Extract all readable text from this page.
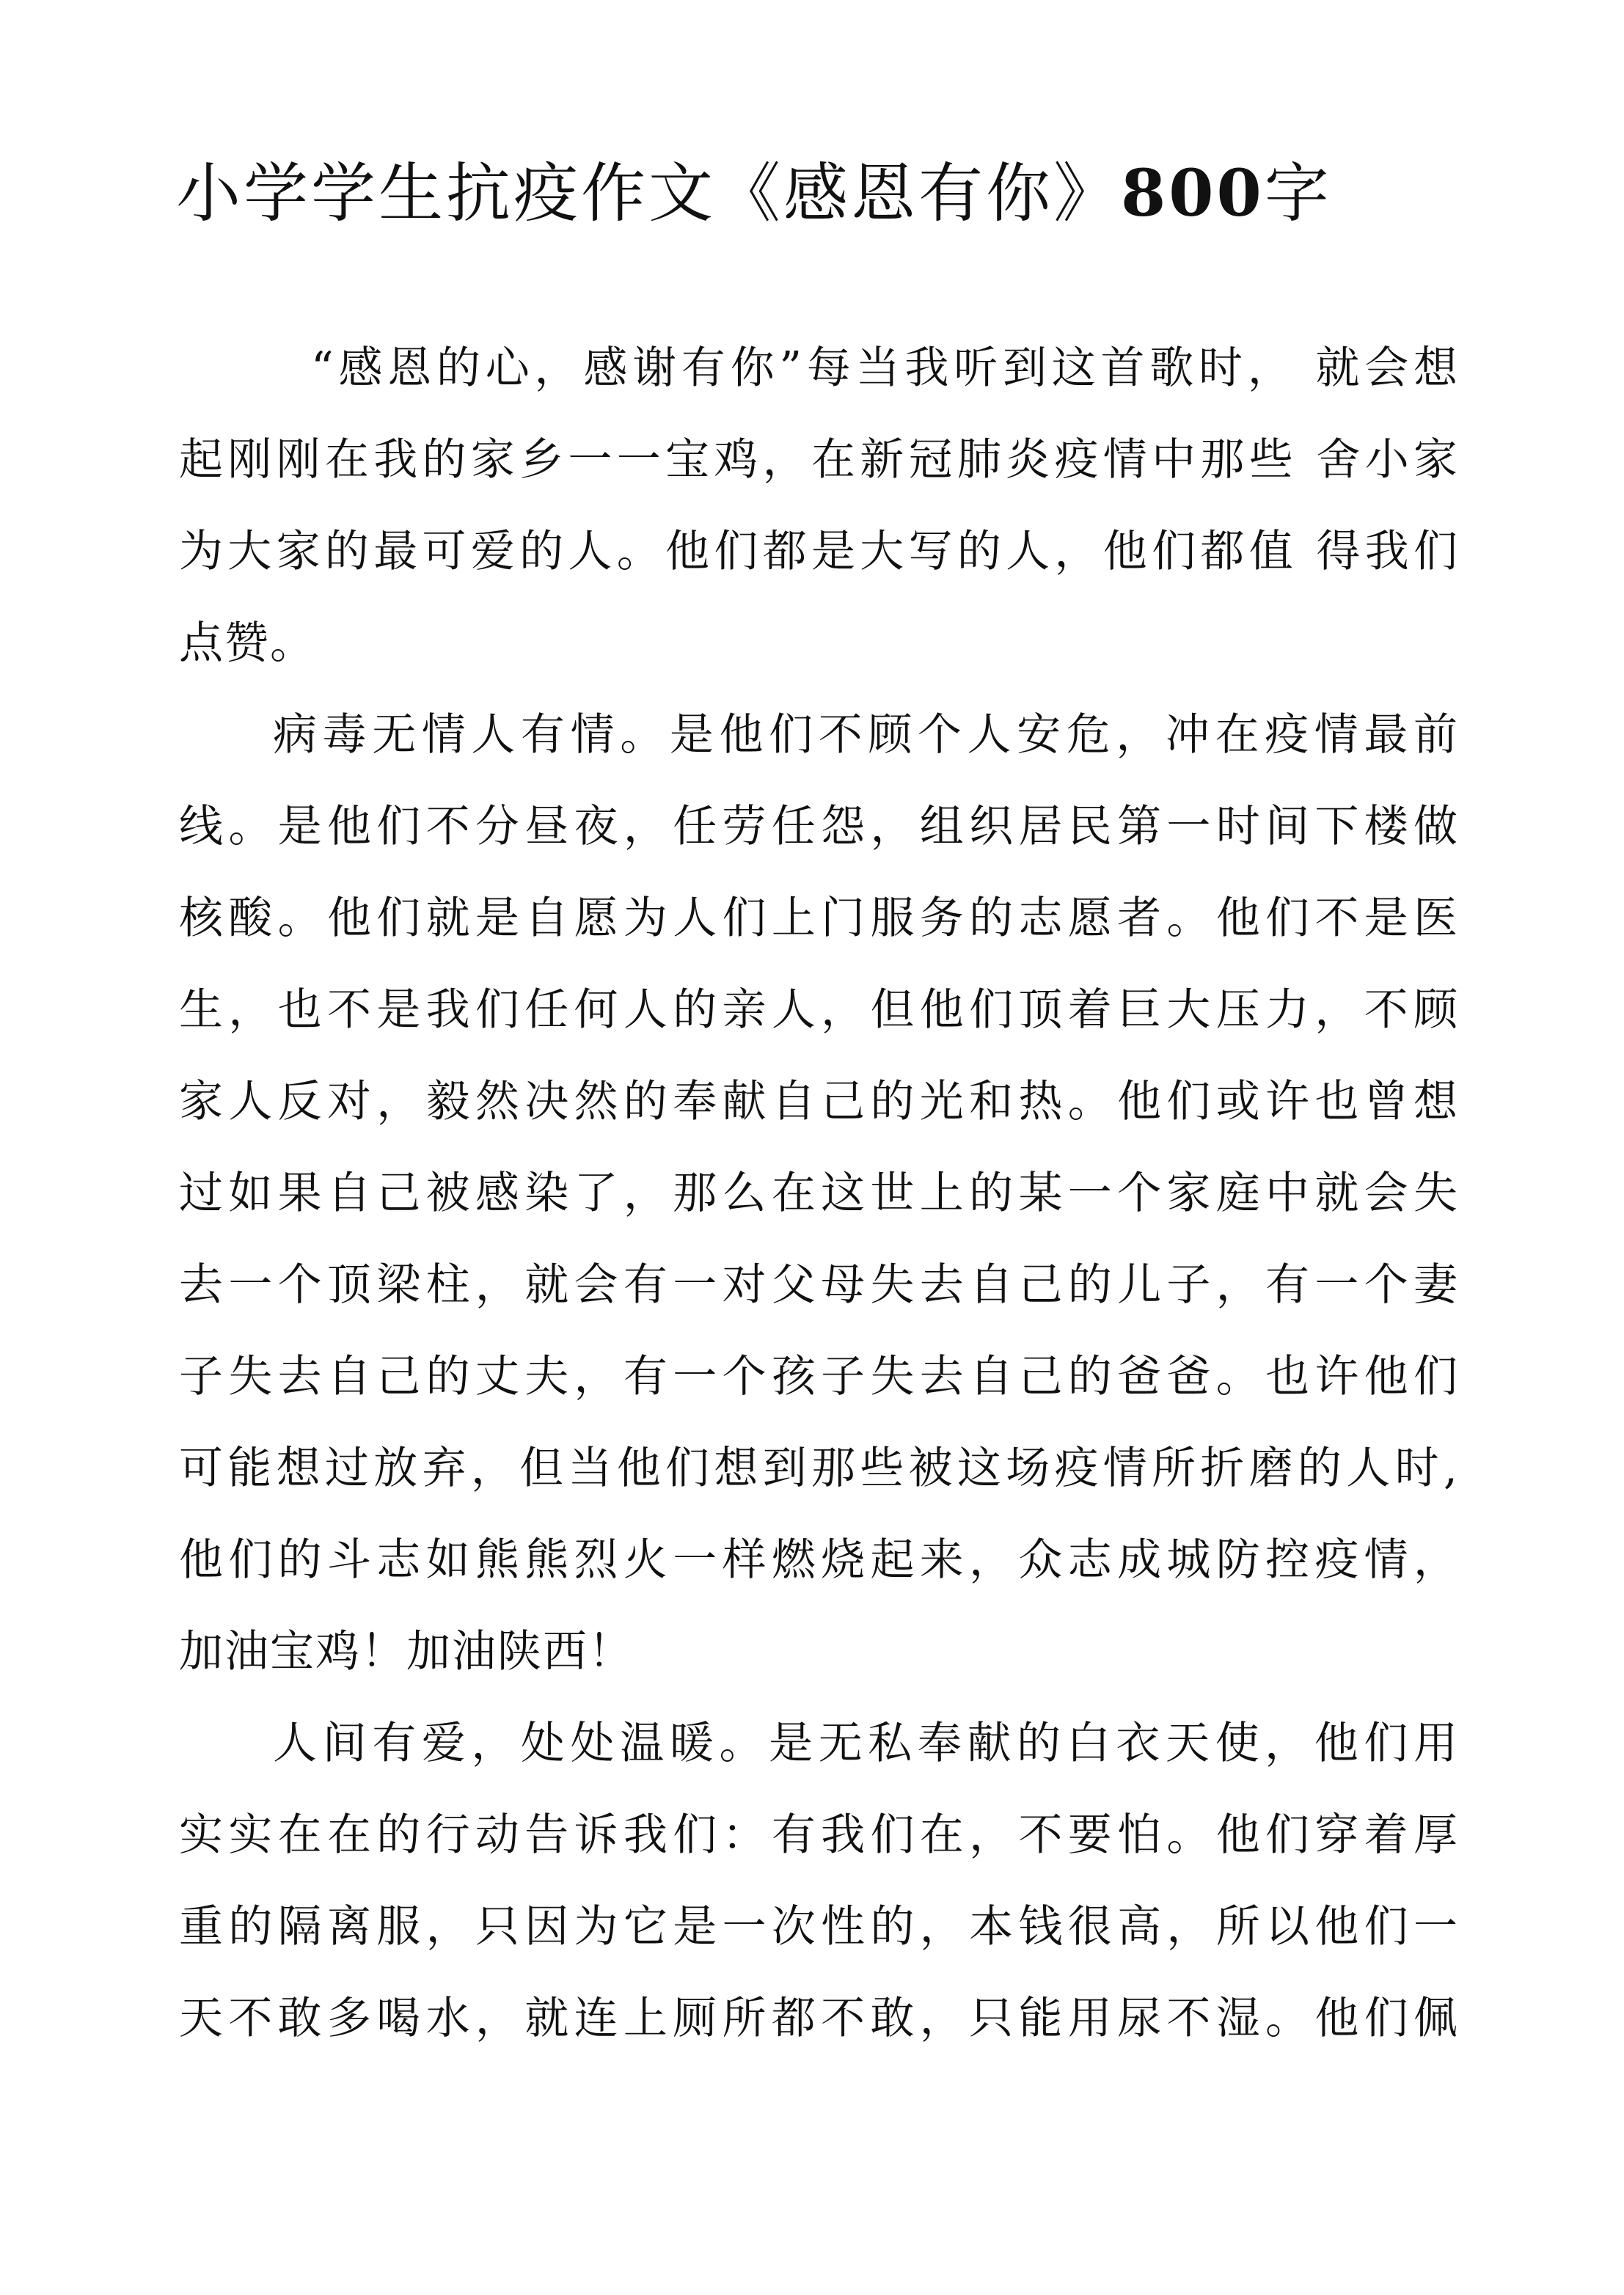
小学学生抗疫作文《感恩有你》800字
“感恩的心，感谢有你”每当我听到这首歌时， 就会想
起刚刚在我的家乡一一宝鸡，在新冠肺炎疫情中那些 舍小家
为大家的最可爱的人。他们都是大写的人，他们都值 得我们
点赞。
病毒无情人有情。是他们不顾个人安危，冲在疫情最前
线。是他们不分昼夜，任劳任怨，组织居民第一时间下楼做
核酸。他们就是自愿为人们上门服务的志愿者。他们不是医
生，也不是我们任何人的亲人，但他们顶着巨大压力，不顾
家人反对，毅然决然的奉献自己的光和热。他们或许也曾想
过如果自己被感染了，那么在这世上的某一个家庭中就会失
去一个顶梁柱，就会有一对父母失去自己的儿子，有一个妻
子失去自己的丈夫，有一个孩子失去自己的爸爸。也许他们
可能想过放弃，但当他们想到那些被这场疫情所折磨的人时,
他们的斗志如熊熊烈火一样燃烧起来，众志成城防控疫情，
加油宝鸡！加油陕西！
人间有爱，处处温暖。是无私奉献的白衣天使，他们用
实实在在的行动告诉我们：有我们在，不要怕。他们穿着厚
重的隔离服，只因为它是一次性的，本钱很高，所以他们一
天不敢多喝水，就连上厕所都不敢，只能用尿不湿。他们佩
